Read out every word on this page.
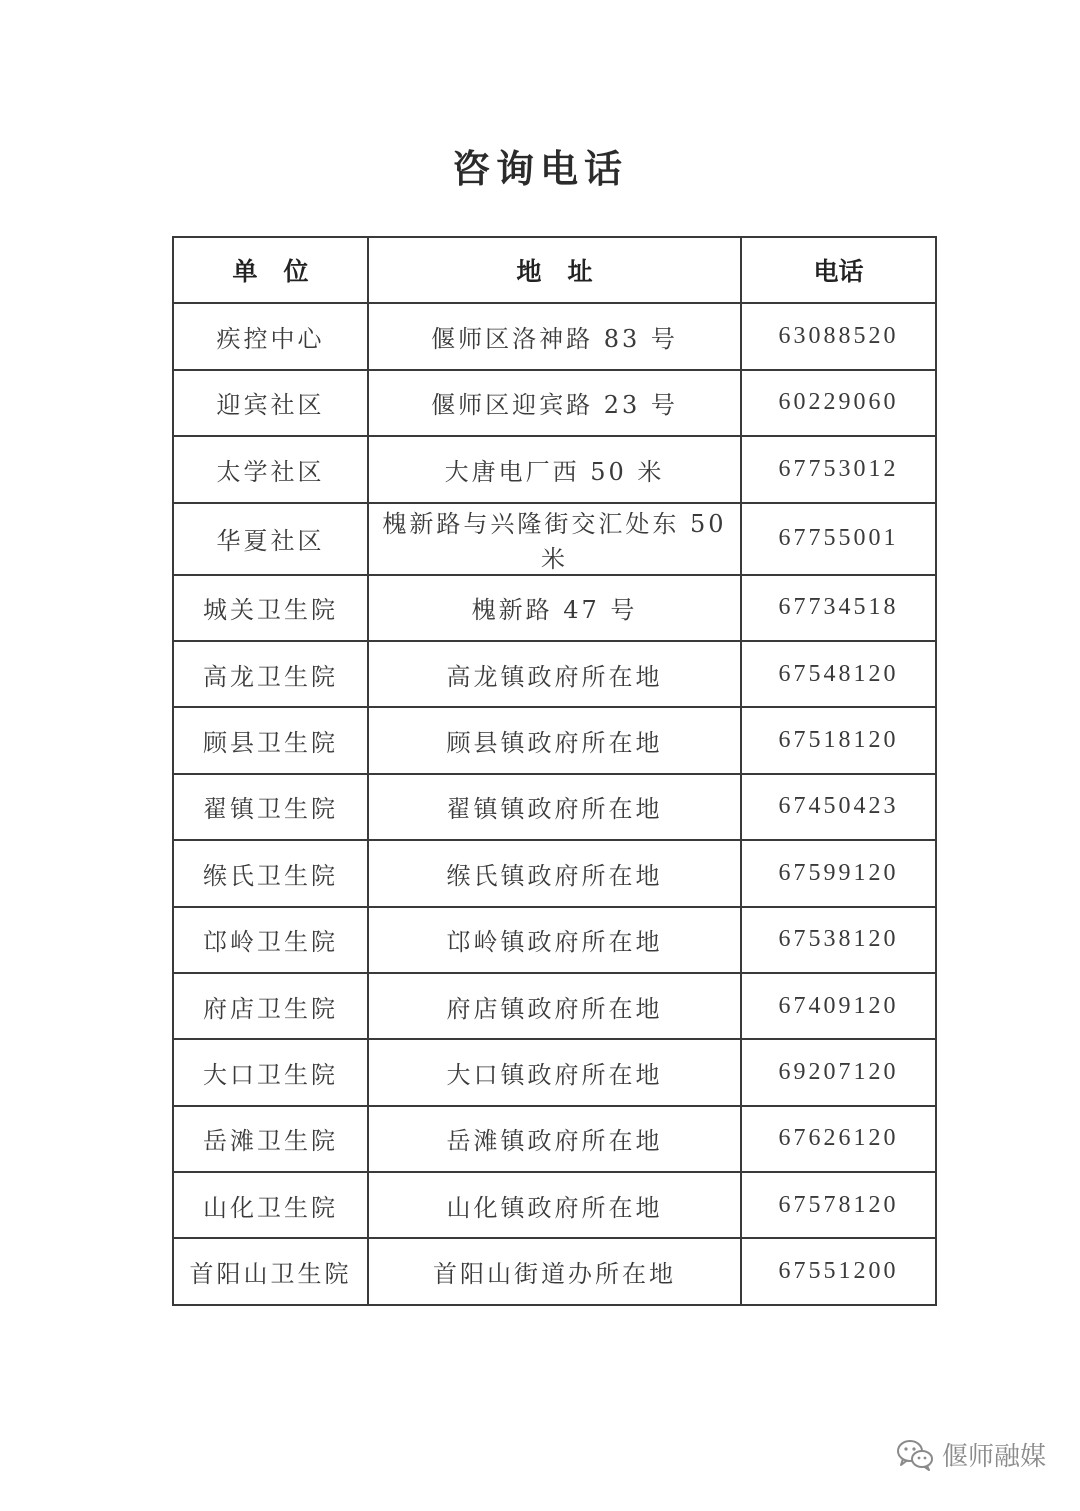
咨询电话
单位	地址	电话
疾控中心	偃师区洛神路 83 号	63088520
迎宾社区	偃师区迎宾路 23 号	60229060
太学社区	大唐电厂西 50 米	67753012
华夏社区	槐新路与兴隆街交汇处东 50 米	67755001
城关卫生院	槐新路 47 号	67734518
高龙卫生院	高龙镇政府所在地	67548120
顾县卫生院	顾县镇政府所在地	67518120
翟镇卫生院	翟镇镇政府所在地	67450423
缑氏卫生院	缑氏镇政府所在地	67599120
邙岭卫生院	邙岭镇政府所在地	67538120
府店卫生院	府店镇政府所在地	67409120
大口卫生院	大口镇政府所在地	69207120
岳滩卫生院	岳滩镇政府所在地	67626120
山化卫生院	山化镇政府所在地	67578120
首阳山卫生院	首阳山街道办所在地	67551200
偃师融媒
